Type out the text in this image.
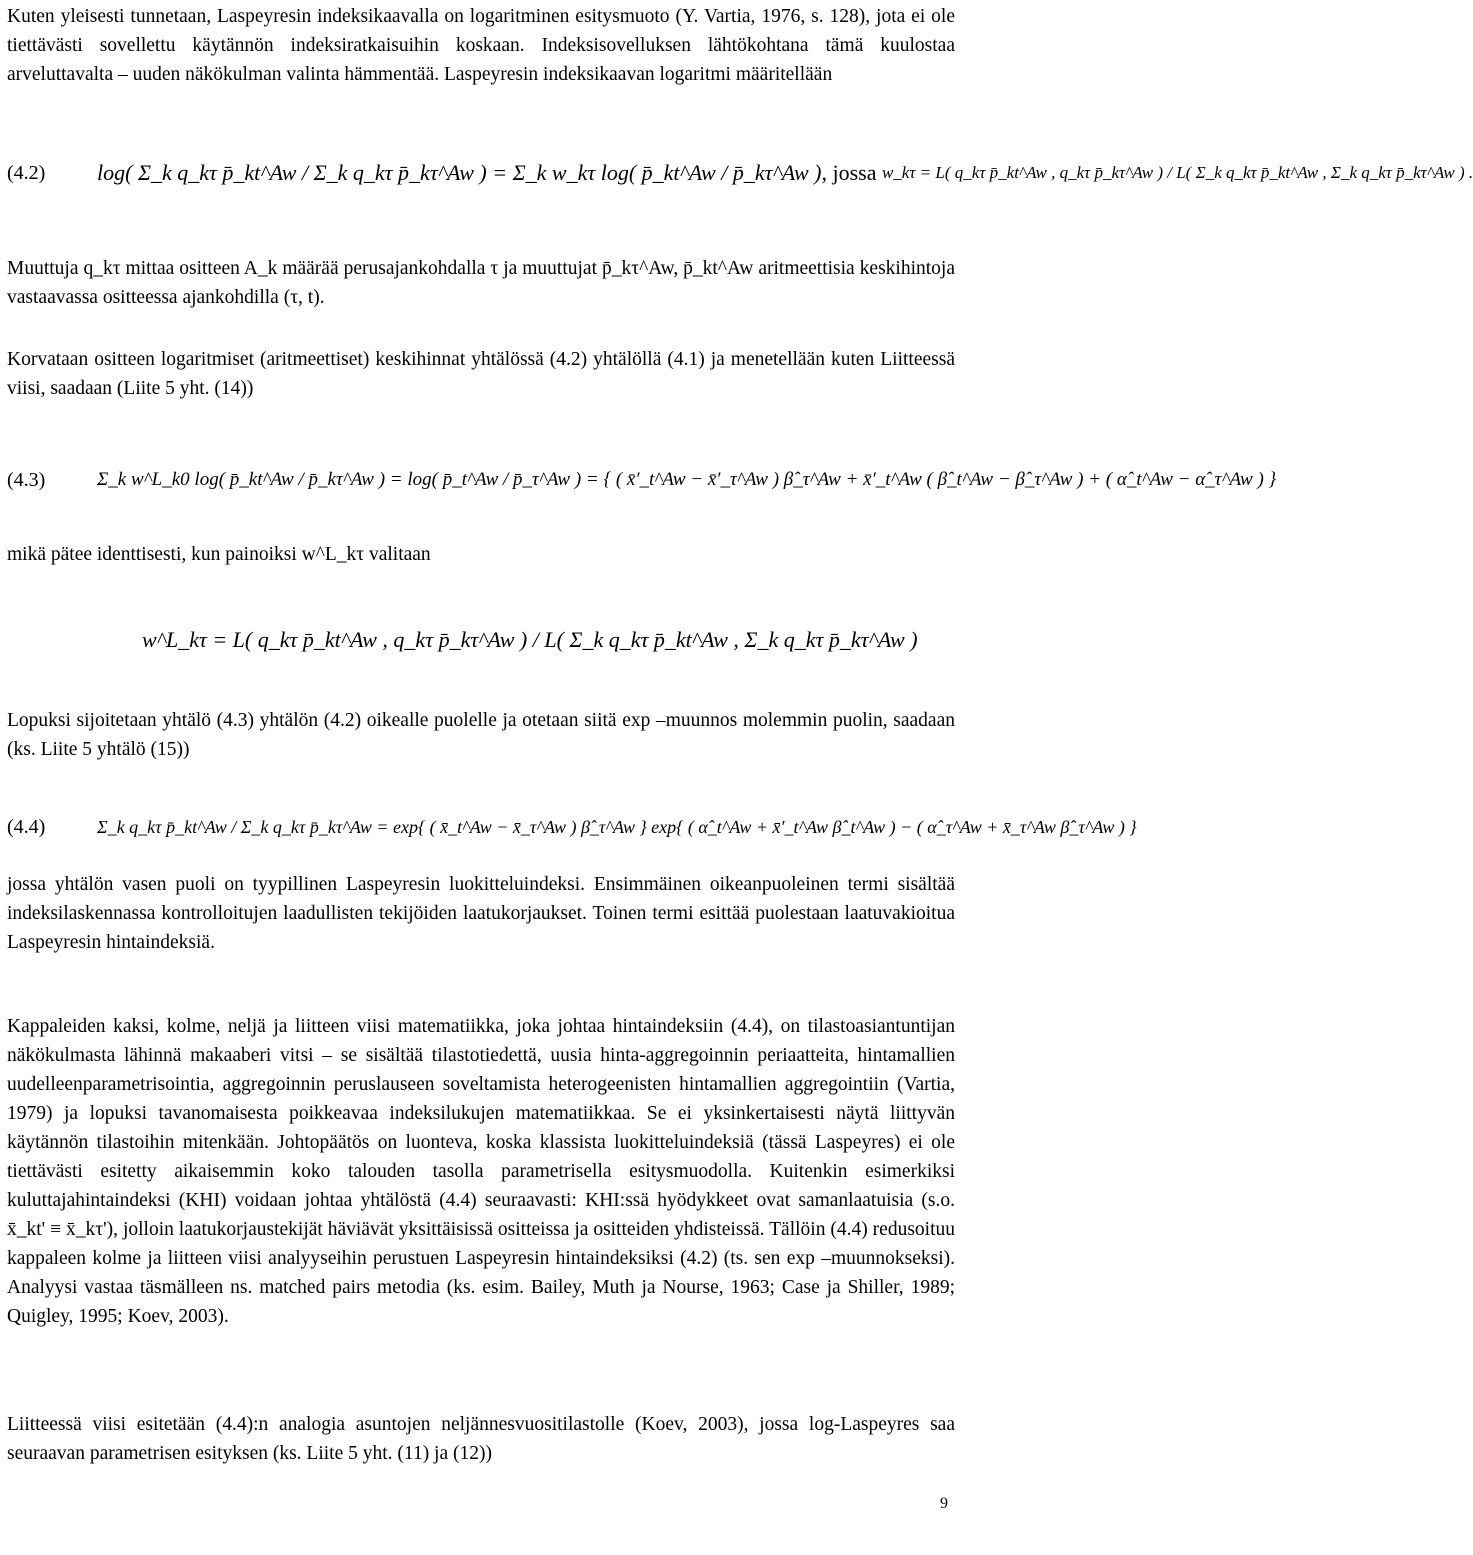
Kuten yleisesti tunnetaan, Laspeyresin indeksikaavalla on logaritminen esitysmuoto (Y. Vartia, 1976, s. 128), jota ei ole tiettävästi sovellettu käytännön indeksiratkaisuihin koskaan. Indeksisovelluksen lähtökohtana tämä kuulostaa arveluttavalta – uuden näkökulman valinta hämmentää. Laspeyresin indeksikaavan logaritmi määritellään

(4.2)	log( Σ_k q_kτ p̄_kt^Aw / Σ_k q_kτ p̄_kτ^Aw )
= Σ_k w_kτ log( p̄_kt^Aw / p̄_kτ^Aw ) , jossa
w_kτ = L( q_kτ p̄_kt^Aw , q_kτ p̄_kτ^Aw ) / L( Σ_k q_kτ p̄_kt^Aw , Σ_k q_kτ p̄_kτ^Aw ) .

Muuttuja q_kτ mittaa ositteen A_k määrää perusajankohdalla τ ja muuttujat p̄_kτ^Aw, p̄_kt^Aw aritmeettisia keskihintoja vastaavassa ositteessa ajankohdilla (τ, t).

Korvataan ositteen logaritmiset (aritmeettiset) keskihinnat yhtälössä (4.2) yhtälöllä (4.1) ja menetellään kuten Liitteessä viisi, saadaan (Liite 5 yht. (14))

(4.3)	Σ_k w^L_k0 log( p̄_kt^Aw / p̄_kτ^Aw ) = log( p̄_t^Aw / p̄_τ^Aw ) = { ( x̄′_t^Aw − x̄′_τ^Aw ) β̂_τ^Aw + x̄′_t^Aw ( β̂_t^Aw − β̂_τ^Aw ) + ( α̂_t^Aw − α̂_τ^Aw ) }

mikä pätee identtisesti, kun painoiksi w^L_kτ valitaan

w^L_kτ = L( q_kτ p̄_kt^Aw , q_kτ p̄_kτ^Aw ) / L( Σ_k q_kτ p̄_kt^Aw , Σ_k q_kτ p̄_kτ^Aw )

Lopuksi sijoitetaan yhtälö (4.3) yhtälön (4.2) oikealle puolelle ja otetaan siitä exp –muunnos molemmin puolin, saadaan (ks. Liite 5 yhtälö (15))

(4.4)	Σ_k q_kτ p̄_kt^Aw / Σ_k q_kτ p̄_kτ^Aw = exp{ ( x̄_t^Aw − x̄_τ^Aw ) β̂_τ^Aw } exp{ ( α̂_t^Aw + x̄′_t^Aw β̂_t^Aw ) − ( α̂_τ^Aw + x̄_τ^Aw β̂_τ^Aw ) }

jossa yhtälön vasen puoli on tyypillinen Laspeyresin luokitteluindeksi. Ensimmäinen oikeanpuoleinen termi sisältää indeksilaskennassa kontrolloitujen laadullisten tekijöiden laatukorjaukset. Toinen termi esittää puolestaan laatuvakioitua Laspeyresin hintaindeksiä.

Kappaleiden kaksi, kolme, neljä ja liitteen viisi matematiikka, joka johtaa hintaindeksiin (4.4), on tilastoasiantuntijan näkökulmasta lähinnä makaaberi vitsi – se sisältää tilastotiedettä, uusia hinta-aggregoinnin periaatteita, hintamallien uudelleenparametrisointia, aggregoinnin peruslauseen soveltamista heterogeenisten hintamallien aggregointiin (Vartia, 1979) ja lopuksi tavanomaisesta poikkeavaa indeksilukujen matematiikkaa. Se ei yksinkertaisesti näytä liittyvän käytännön tilastoihin mitenkään. Johtopäätös on luonteva, koska klassista luokitteluindeksiä (tässä Laspeyres) ei ole tiettävästi esitetty aikaisemmin koko talouden tasolla parametrisella esitysmuodolla. Kuitenkin esimerkiksi kuluttajahintaindeksi (KHI) voidaan johtaa yhtälöstä (4.4) seuraavasti: KHI:ssä hyödykkeet ovat samanlaatuisia (s.o. x̄_kt' ≡ x̄_kτ'), jolloin laatukorjaustekijät häviävät yksittäisissä ositteissa ja ositteiden yhdisteissä. Tällöin (4.4) redusoituu kappaleen kolme ja liitteen viisi analyyseihin perustuen Laspeyresin hintaindeksiksi (4.2) (ts. sen exp –muunnokseksi). Analyysi vastaa täsmälleen ns. matched pairs metodia (ks. esim. Bailey, Muth ja Nourse, 1963; Case ja Shiller, 1989; Quigley, 1995; Koev, 2003).

Liitteessä viisi esitetään (4.4):n analogia asuntojen neljännesvuositilastolle (Koev, 2003), jossa log-Laspeyres saa seuraavan parametrisen esityksen (ks. Liite 5 yht. (11) ja (12))

9
